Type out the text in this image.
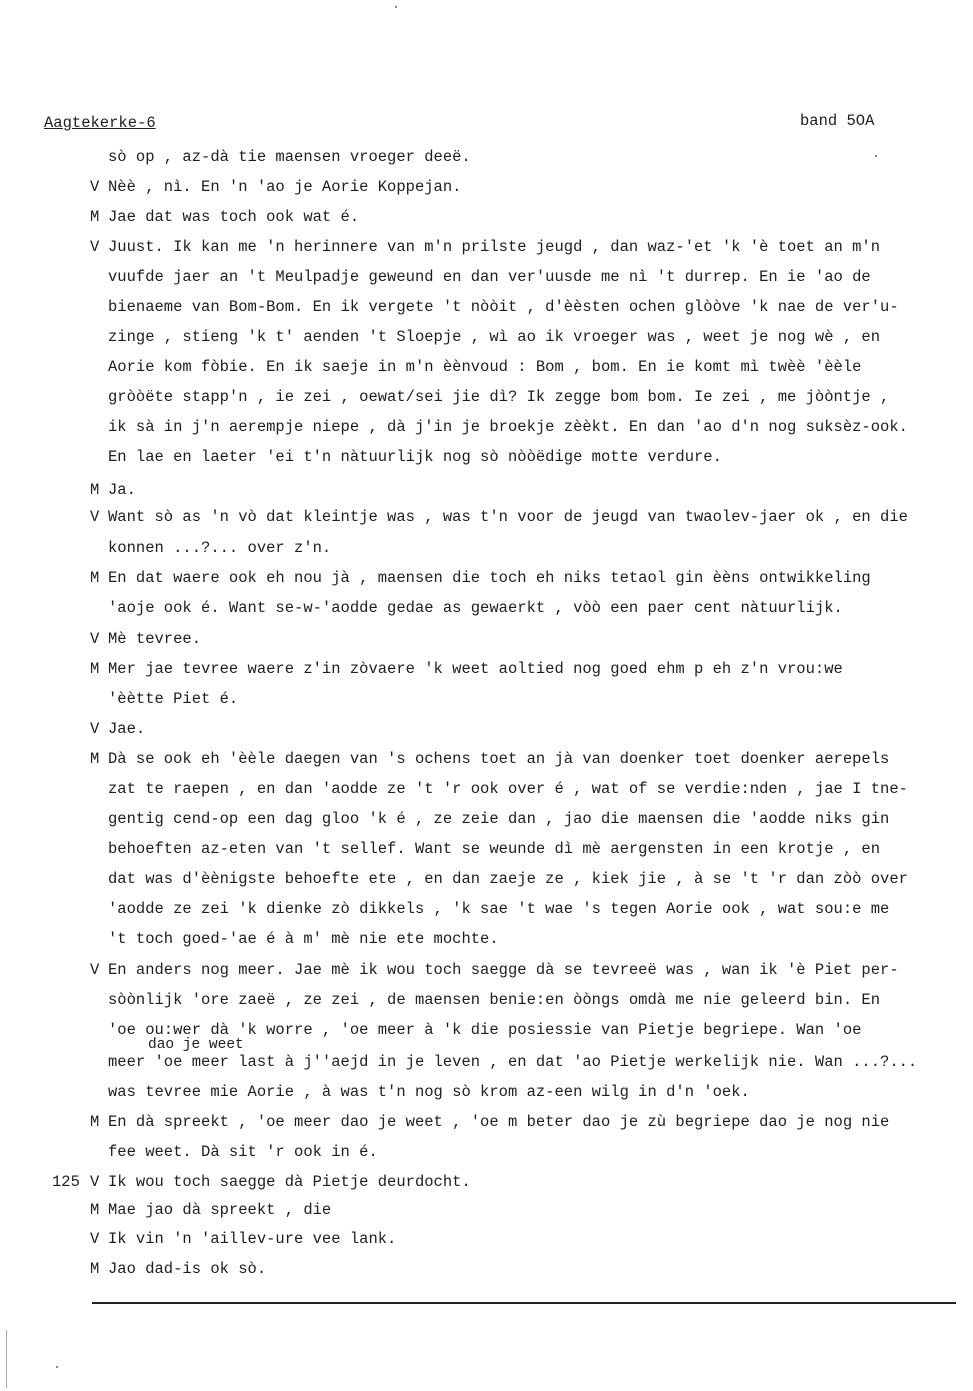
Aagtekerke-6	band 5OA
sò op , az-dà tie maensen vroeger deeë.
V Nèè , nì. En 'n 'ao je Aorie Koppejan.
M Jae dat was toch ook wat é.
V Juust. Ik kan me 'n herinnere van m'n prilste jeugd , dan waz-'et 'k 'è toet an m'n
vuufde jaer an 't Meulpadje geweund en dan ver'uusde me nì 't durrep. En ie 'ao de
bienaeme van Bom-Bom. En ik vergete 't nòòit , d'èèsten ochen glòòve 'k nae de ver'u-
zinge , stieng 'k t' aenden 't Sloepje , wì ao ik vroeger was , weet je nog wè , en
Aorie kom fòbie. En ik saeje in m'n èènvoud : Bom , bom. En ie komt mì twèè 'èèle
gròòëte stapp'n , ie zei , oewat/sei jie dì? Ik zegge bom bom. Ie zei , me jòòntje ,
ik sà in j'n aerempje niepe , dà j'in je broekje zèèkt. En dan 'ao d'n nog suksèz-ook.
En lae en laeter 'ei t'n nàtuurlijk nog sò nòòëdige motte verdure.
M Ja.
V Want sò as 'n vò dat kleintje was , was t'n voor de jeugd van twaolev-jaer ok , en die
konnen ...?... over z'n.
M En dat waere ook eh nou jà , maensen die toch eh niks tetaol gin èèns ontwikkeling
'aoje ook é. Want se-w-'aodde gedae as gewaerkt , vòò een paer cent nàtuurlijk.
V Mè tevree.
M Mer jae tevree waere z'in zòvaere 'k weet aoltied nog goed ehm p eh z'n vrou:we
'èètte Piet é.
V Jae.
M Dà se ook eh 'èèle daegen van 's ochens toet an jà van doenker toet doenker aerepels
zat te raepen , en dan 'aodde ze 't 'r ook over é , wat of se verdie:nden , jae I tne-
gentig cend-op een dag gloo 'k é , ze zeie dan , jao die maensen die 'aodde niks gin
behoeften az-eten van 't sellef. Want se weunde dì mè aergensten in een krotje , en
dat was d'èènigste behoefte ete , en dan zaeje ze , kiek jie , à se 't 'r dan zòò over
'aodde ze zei 'k dienke zò dikkels , 'k sae 't wae 's tegen Aorie ook , wat sou:e me
't toch goed-'ae é à m' mè nie ete mochte.
V En anders nog meer. Jae mè ik wou toch saegge dà se tevreeë was , wan ik 'è Piet per-
sòònlijk 'ore zaeë , ze zei , de maensen benie:en òòngs omdà me nie geleerd bin. En
'oe ou:wer dà 'k worre , 'oe meer à 'k die posiessie van Pietje begriepe. Wan 'oe
meer 'oe meer last à j''aejd in je leven , en dat 'ao Pietje werkelijk nie. Wan ...?...
was tevree mie Aorie , à was t'n nog sò krom az-een wilg in d'n 'oek.
M En dà spreekt , 'oe meer dao je weet , 'oe m beter dao je zù begriepe dao je nog nie
fee weet. Dà sit 'r ook in é.
125 V Ik wou toch saegge dà Pietje deurdocht.
M Mae jao dà spreekt , die
V Ik vin 'n 'aillev-ure vee lank.
M Jao dad-is ok sò.
dao je weet
